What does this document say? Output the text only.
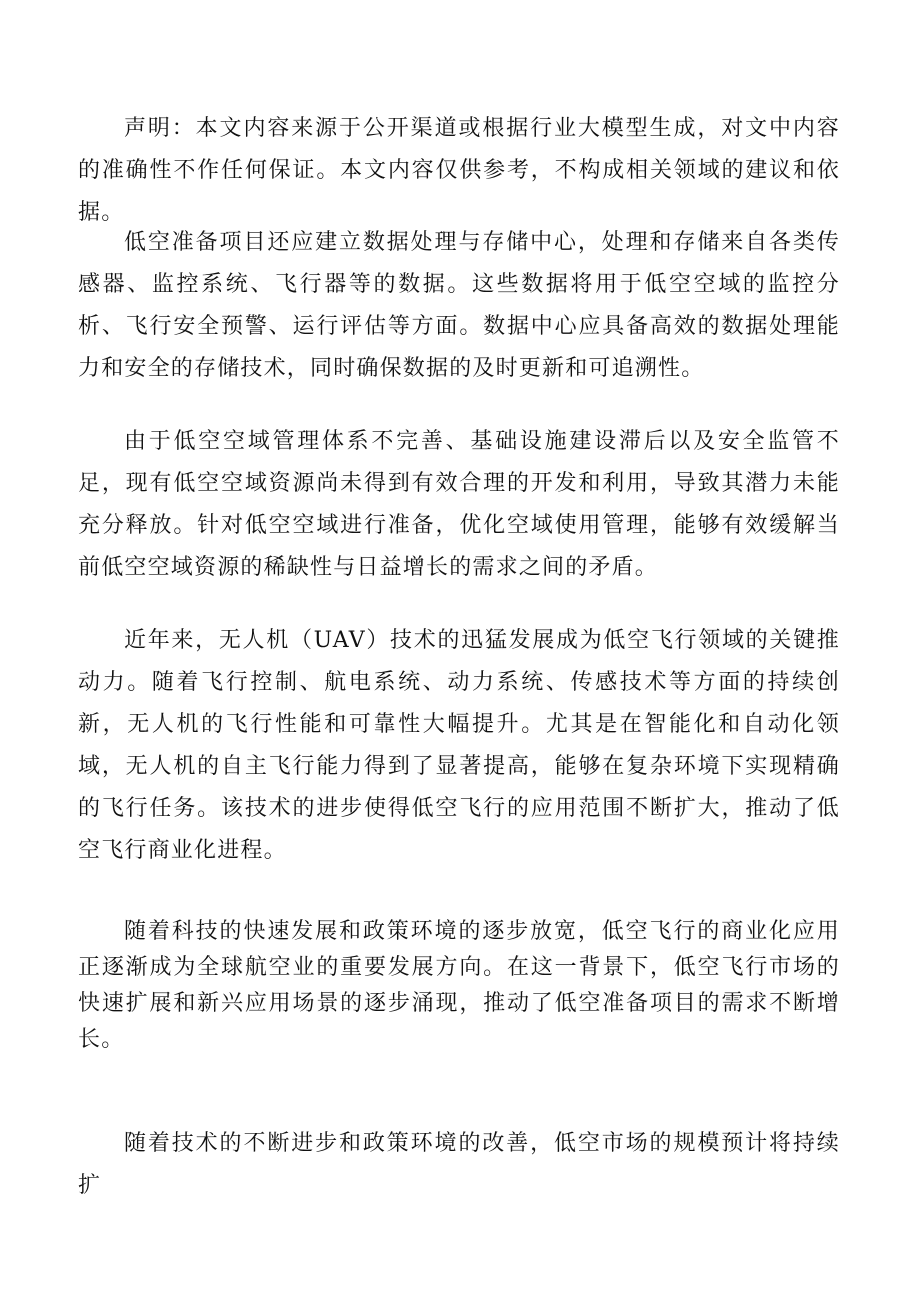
声明：本文内容来源于公开渠道或根据行业大模型生成，对文中内容的准确性不作任何保证。本文内容仅供参考，不构成相关领域的建议和依据。

低空准备项目还应建立数据处理与存储中心，处理和存储来自各类传感器、监控系统、飞行器等的数据。这些数据将用于低空空域的监控分析、飞行安全预警、运行评估等方面。数据中心应具备高效的数据处理能力和安全的存储技术，同时确保数据的及时更新和可追溯性。

由于低空空域管理体系不完善、基础设施建设滞后以及安全监管不足，现有低空空域资源尚未得到有效合理的开发和利用，导致其潜力未能充分释放。针对低空空域进行准备，优化空域使用管理，能够有效缓解当前低空空域资源的稀缺性与日益增长的需求之间的矛盾。

近年来，无人机（UAV）技术的迅猛发展成为低空飞行领域的关键推动力。随着飞行控制、航电系统、动力系统、传感技术等方面的持续创新，无人机的飞行性能和可靠性大幅提升。尤其是在智能化和自动化领域，无人机的自主飞行能力得到了显著提高，能够在复杂环境下实现精确的飞行任务。该技术的进步使得低空飞行的应用范围不断扩大，推动了低空飞行商业化进程。

随着科技的快速发展和政策环境的逐步放宽，低空飞行的商业化应用正逐渐成为全球航空业的重要发展方向。在这一背景下，低空飞行市场的快速扩展和新兴应用场景的逐步涌现，推动了低空准备项目的需求不断增长。

随着技术的不断进步和政策环境的改善，低空市场的规模预计将持续扩
